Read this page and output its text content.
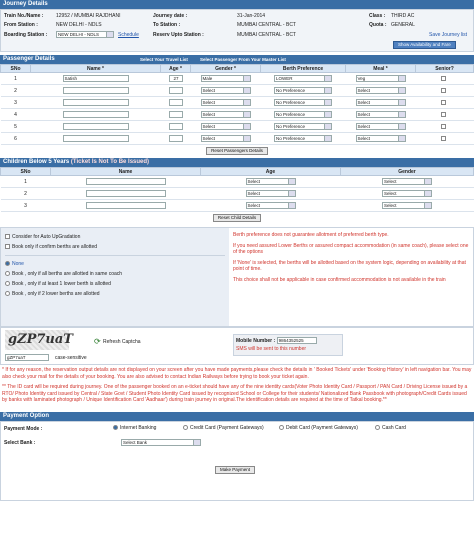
Journey Details
Train No./Name :	12952 / MUMBAI RAJDHANI
From Station :	NEW DELHI - NDLS
Boarding Station :	NEW DELHI - NDLS	Schedule
Journey date :	31-Jan-2014
To Station :	MUMBAI CENTRAL - BCT
Reserv Upto Station :	MUMBAI CENTRAL - BCT
Class : THIRD AC
Quota : GENERAL
Save Journey list
Show Availability and Fare
Passenger Details	Select Your Travel List	Select Passenger From Your Master List
SNo	Name *	Age *	Gender *	Berth Preference	Meal *	Senior?
1	Satish	27	Male	LOWER	Veg	
2			Select	No Preference	Select	
3			Select	No Preference	Select	
4			Select	No Preference	Select	
5			Select	No Preference	Select	
6			Select	No Preference	Select	
Reset Passengers Details
Children Below 5 Years (Ticket Is Not To Be Issued)
SNo	Name	Age	Gender
1		Select	Select
2		Select	Select
3		Select	Select
Reset Child Details
Consider for Auto UpGradation
Book only if confirm berths are allotted
None
Book , only if all berths are allotted in same coach
Book , only if at least 1 lower berth is allotted
Book , only if 2 lower berths are allotted

Berth preference does not guarantee allotment of preferred berth type.

If you need assured Lower Berths or assured compact accommodation (in same coach), please select one of the options

If 'None' is selected, the berths will be allotted based on the system logic, depending on availability at that point of time.

This choice shall not be applicable in case confirmed accommodation is not available in the train

gZP7uaT	⟳ Refresh Captcha
gZP7uaT	case-sensitive
Mobile Number : 9864352525
SMS will be sent to this number

* If for any reason, the reservation output details are not displayed on your screen after you have made payments,please check the details in ' Booked Tickets' under 'Booking History' in left navigation bar. You may also check your mail for the details of your booking. You are also advised to contact Indian Railways before trying to book your ticket again.

** The ID card will be required during journey. One of the passenger booked on an e-ticket should have any of the nine identity cards(Voter Photo Identity Card / Passport / PAN Card / Driving License issued by a RTO/ Photo Identity card issued by Central / State Govt / Student Photo Identity Card issued by recognized School or College for their students/ Nationalized Bank Passbook with photograph/Credit Cards issued by banks with laminated photograph / Unique Identification Card 'Aadhaar') during train journey in original.The identification details are required at the time of Tatkal booking.**

Payment Option
Payment Mode :	Internet Banking	Credit Card (Payment Gateways)	Debit Card (Payment Gateways)	Cash Card
Select Bank :	Select Bank
Make Payment
